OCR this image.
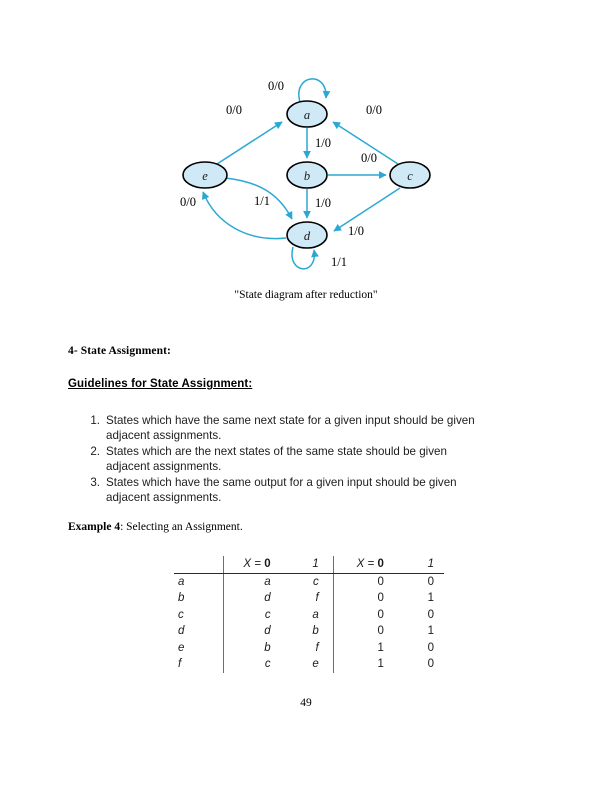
a
b	c
d
e
0/0
0/0	0/0
1/0
0/0
1/0
1/0
1/1
0/0
1/1
"State diagram after reduction"
4- State Assignment:
Guidelines for State Assignment:
1. States which have the same next state for a given input should be given adjacent assignments.
2. States which are the next states of the same state should be given adjacent assignments.
3. States which have the same output for a given input should be given adjacent assignments.
Example 4: Selecting an Assignment.
	X = 0	1	X = 0	1
a	a	c	0	0
b	d	f	0	1
c	c	a	0	0
d	d	b	0	1
e	b	f	1	0
f	c	e	1	0
49
